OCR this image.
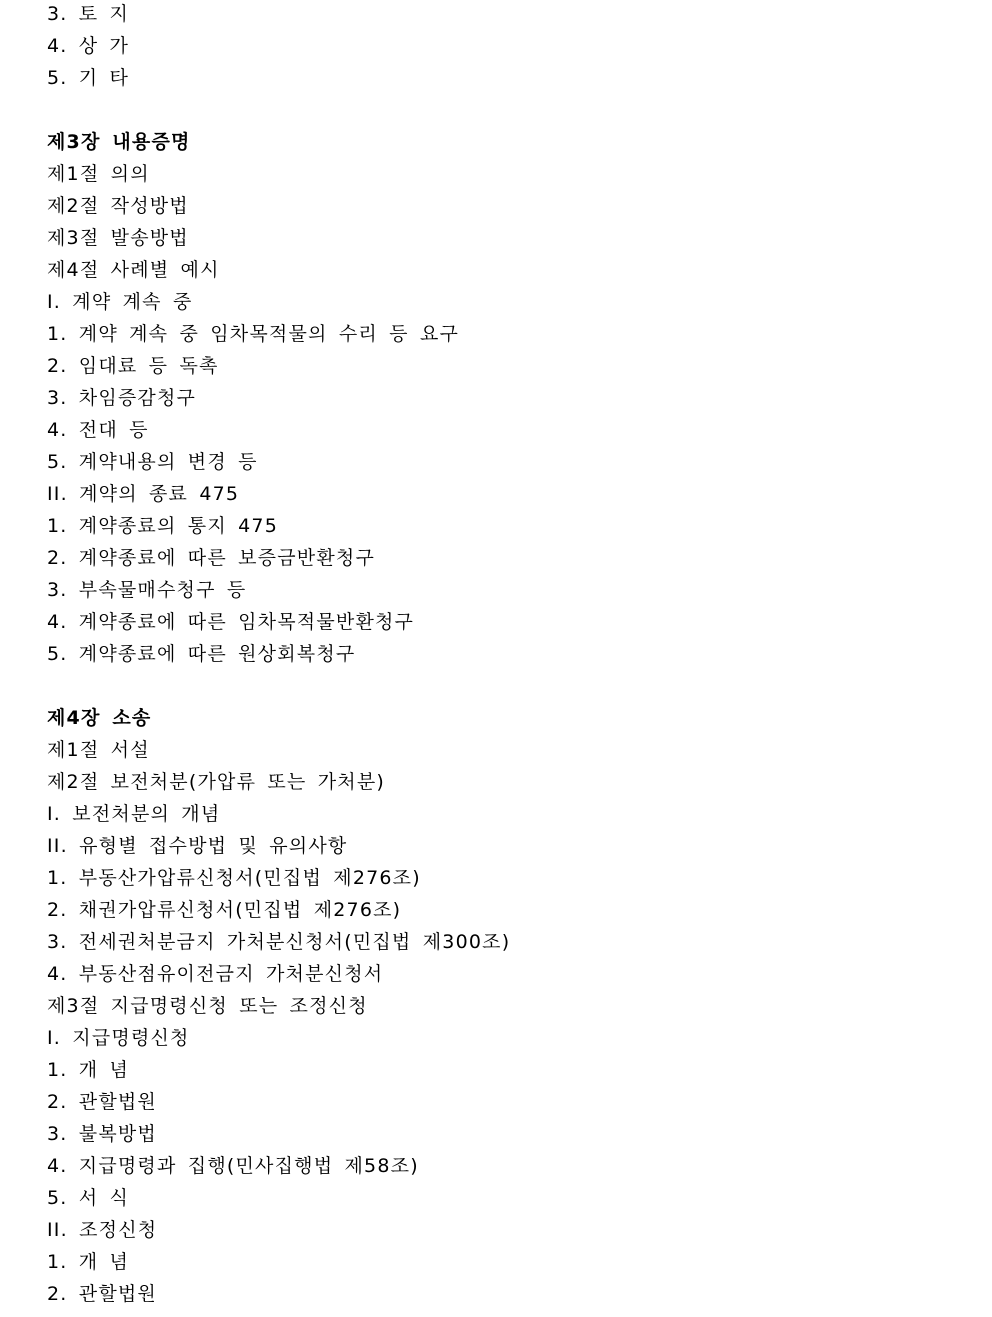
3. 토 지
4. 상 가
5. 기 타
제3장 내용증명
제1절 의의
제2절 작성방법
제3절 발송방법
제4절 사례별 예시
I. 계약 계속 중
1. 계약 계속 중 임차목적물의 수리 등 요구
2. 임대료 등 독촉
3. 차임증감청구
4. 전대 등
5. 계약내용의 변경 등
II. 계약의 종료 475
1. 계약종료의 통지 475
2. 계약종료에 따른 보증금반환청구
3. 부속물매수청구 등
4. 계약종료에 따른 임차목적물반환청구
5. 계약종료에 따른 원상회복청구
제4장 소송
제1절 서설
제2절 보전처분(가압류 또는 가처분)
I. 보전처분의 개념
II. 유형별 접수방법 및 유의사항
1. 부동산가압류신청서(민집법 제276조)
2. 채권가압류신청서(민집법 제276조)
3. 전세권처분금지 가처분신청서(민집법 제300조)
4. 부동산점유이전금지 가처분신청서
제3절 지급명령신청 또는 조정신청
I. 지급명령신청
1. 개 념
2. 관할법원
3. 불복방법
4. 지급명령과 집행(민사집행법 제58조)
5. 서 식
II. 조정신청
1. 개 념
2. 관할법원
